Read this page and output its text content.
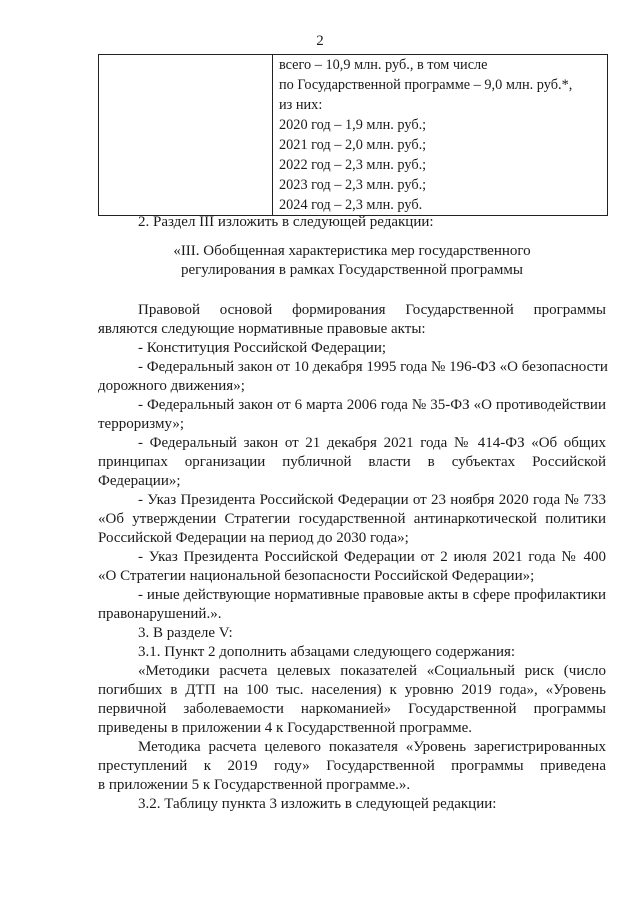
2

всего – 10,9 млн. руб., в том числе
по Государственной программе – 9,0 млн. руб.*,
из них:
2020 год – 1,9 млн. руб.;
2021 год – 2,0 млн. руб.;
2022 год – 2,3 млн. руб.;
2023 год – 2,3 млн. руб.;
2024 год – 2,3 млн. руб.

2. Раздел III изложить в следующей редакции:

«III. Обобщенная характеристика мер государственного

регулирования в рамках Государственной программы

Правовой основой формирования Государственной программы

являются следующие нормативные правовые акты:

- Конституция Российской Федерации;

- Федеральный закон от 10 декабря 1995 года № 196-ФЗ «О безопасности

дорожного движения»;

- Федеральный закон от 6 марта 2006 года № 35-ФЗ «О противодействии

терроризму»;

- Федеральный закон от 21 декабря 2021 года № 414-ФЗ «Об общих

принципах организации публичной власти в субъектах Российской

Федерации»;

- Указ Президента Российской Федерации от 23 ноября 2020 года № 733

«Об утверждении Стратегии государственной антинаркотической политики

Российской Федерации на период до 2030 года»;

- Указ Президента Российской Федерации от 2 июля 2021 года № 400

«О Стратегии национальной безопасности Российской Федерации»;

- иные действующие нормативные правовые акты в сфере профилактики

правонарушений.».

3. В разделе V:

3.1. Пункт 2 дополнить абзацами следующего содержания:

«Методики расчета целевых показателей «Социальный риск (число

погибших в ДТП на 100 тыс. населения) к уровню 2019 года», «Уровень

первичной заболеваемости наркоманией» Государственной программы

приведены в приложении 4 к Государственной программе.

Методика расчета целевого показателя «Уровень зарегистрированных

преступлений к 2019 году» Государственной программы приведена

в приложении 5 к Государственной программе.».

3.2. Таблицу пункта 3 изложить в следующей редакции:
